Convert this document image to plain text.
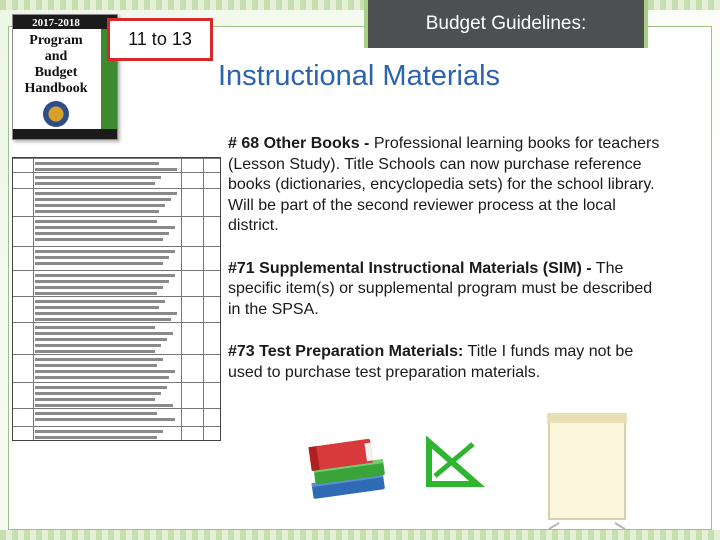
2017-2018
Program
and
Budget
Handbook
11 to 13
Budget Guidelines:
Instructional Materials

# 68 Other Books - Professional learning books for teachers (Lesson Study). Title Schools can now purchase reference books (dictionaries, encyclopedia sets) for the school library. Will be part of the second reviewer process at the local district.

#71 Supplemental Instructional Materials (SIM) - The specific item(s) or supplemental program must be described in the SPSA.

#73 Test Preparation Materials: Title I funds may not be used to purchase test preparation materials.
